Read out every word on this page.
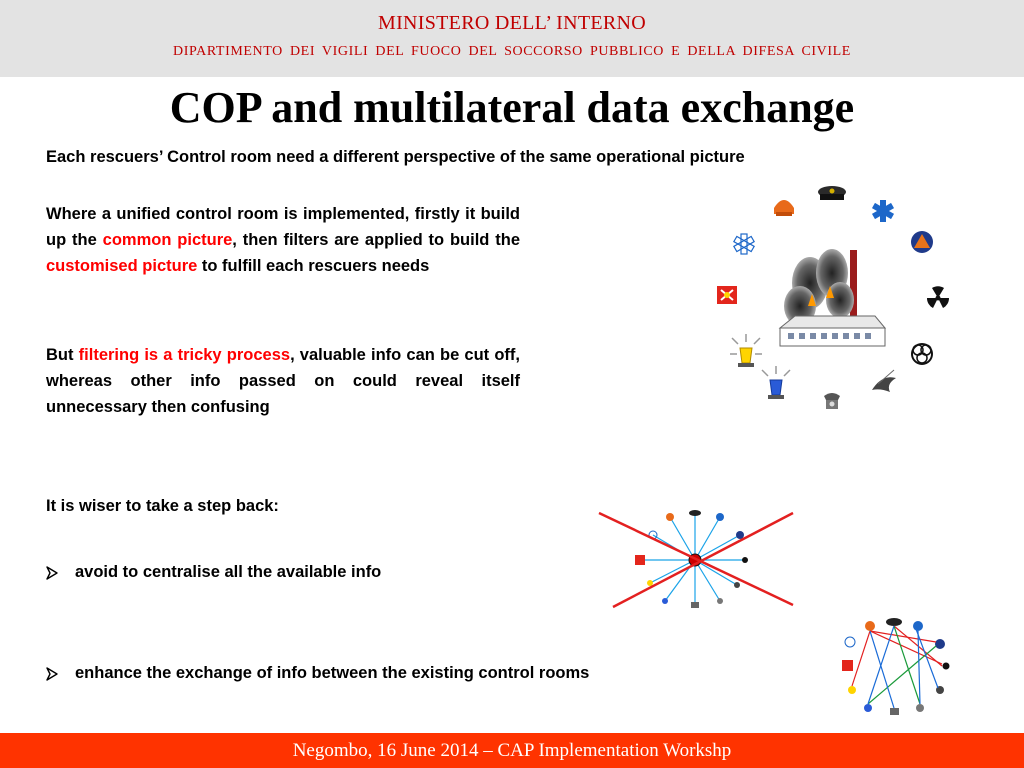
MINISTERO DELL’ INTERNO
DIPARTIMENTO DEI VIGILI DEL FUOCO DEL SOCCORSO PUBBLICO E DELLA DIFESA CIVILE
COP and multilateral data exchange
Each rescuers’ Control room need a different perspective of the same operational picture
Where a unified control room is implemented, firstly it build up the common picture, then filters are applied to build the customised picture to fulfill each rescuers needs
But filtering is a tricky process, valuable info can be cut off, whereas other info passed on could reveal itself unnecessary then confusing
It is wiser to take a step back:
avoid to centralise all the available info
enhance the exchange of info between the existing control rooms
Negombo, 16 June 2014 – CAP Implementation Workshp
